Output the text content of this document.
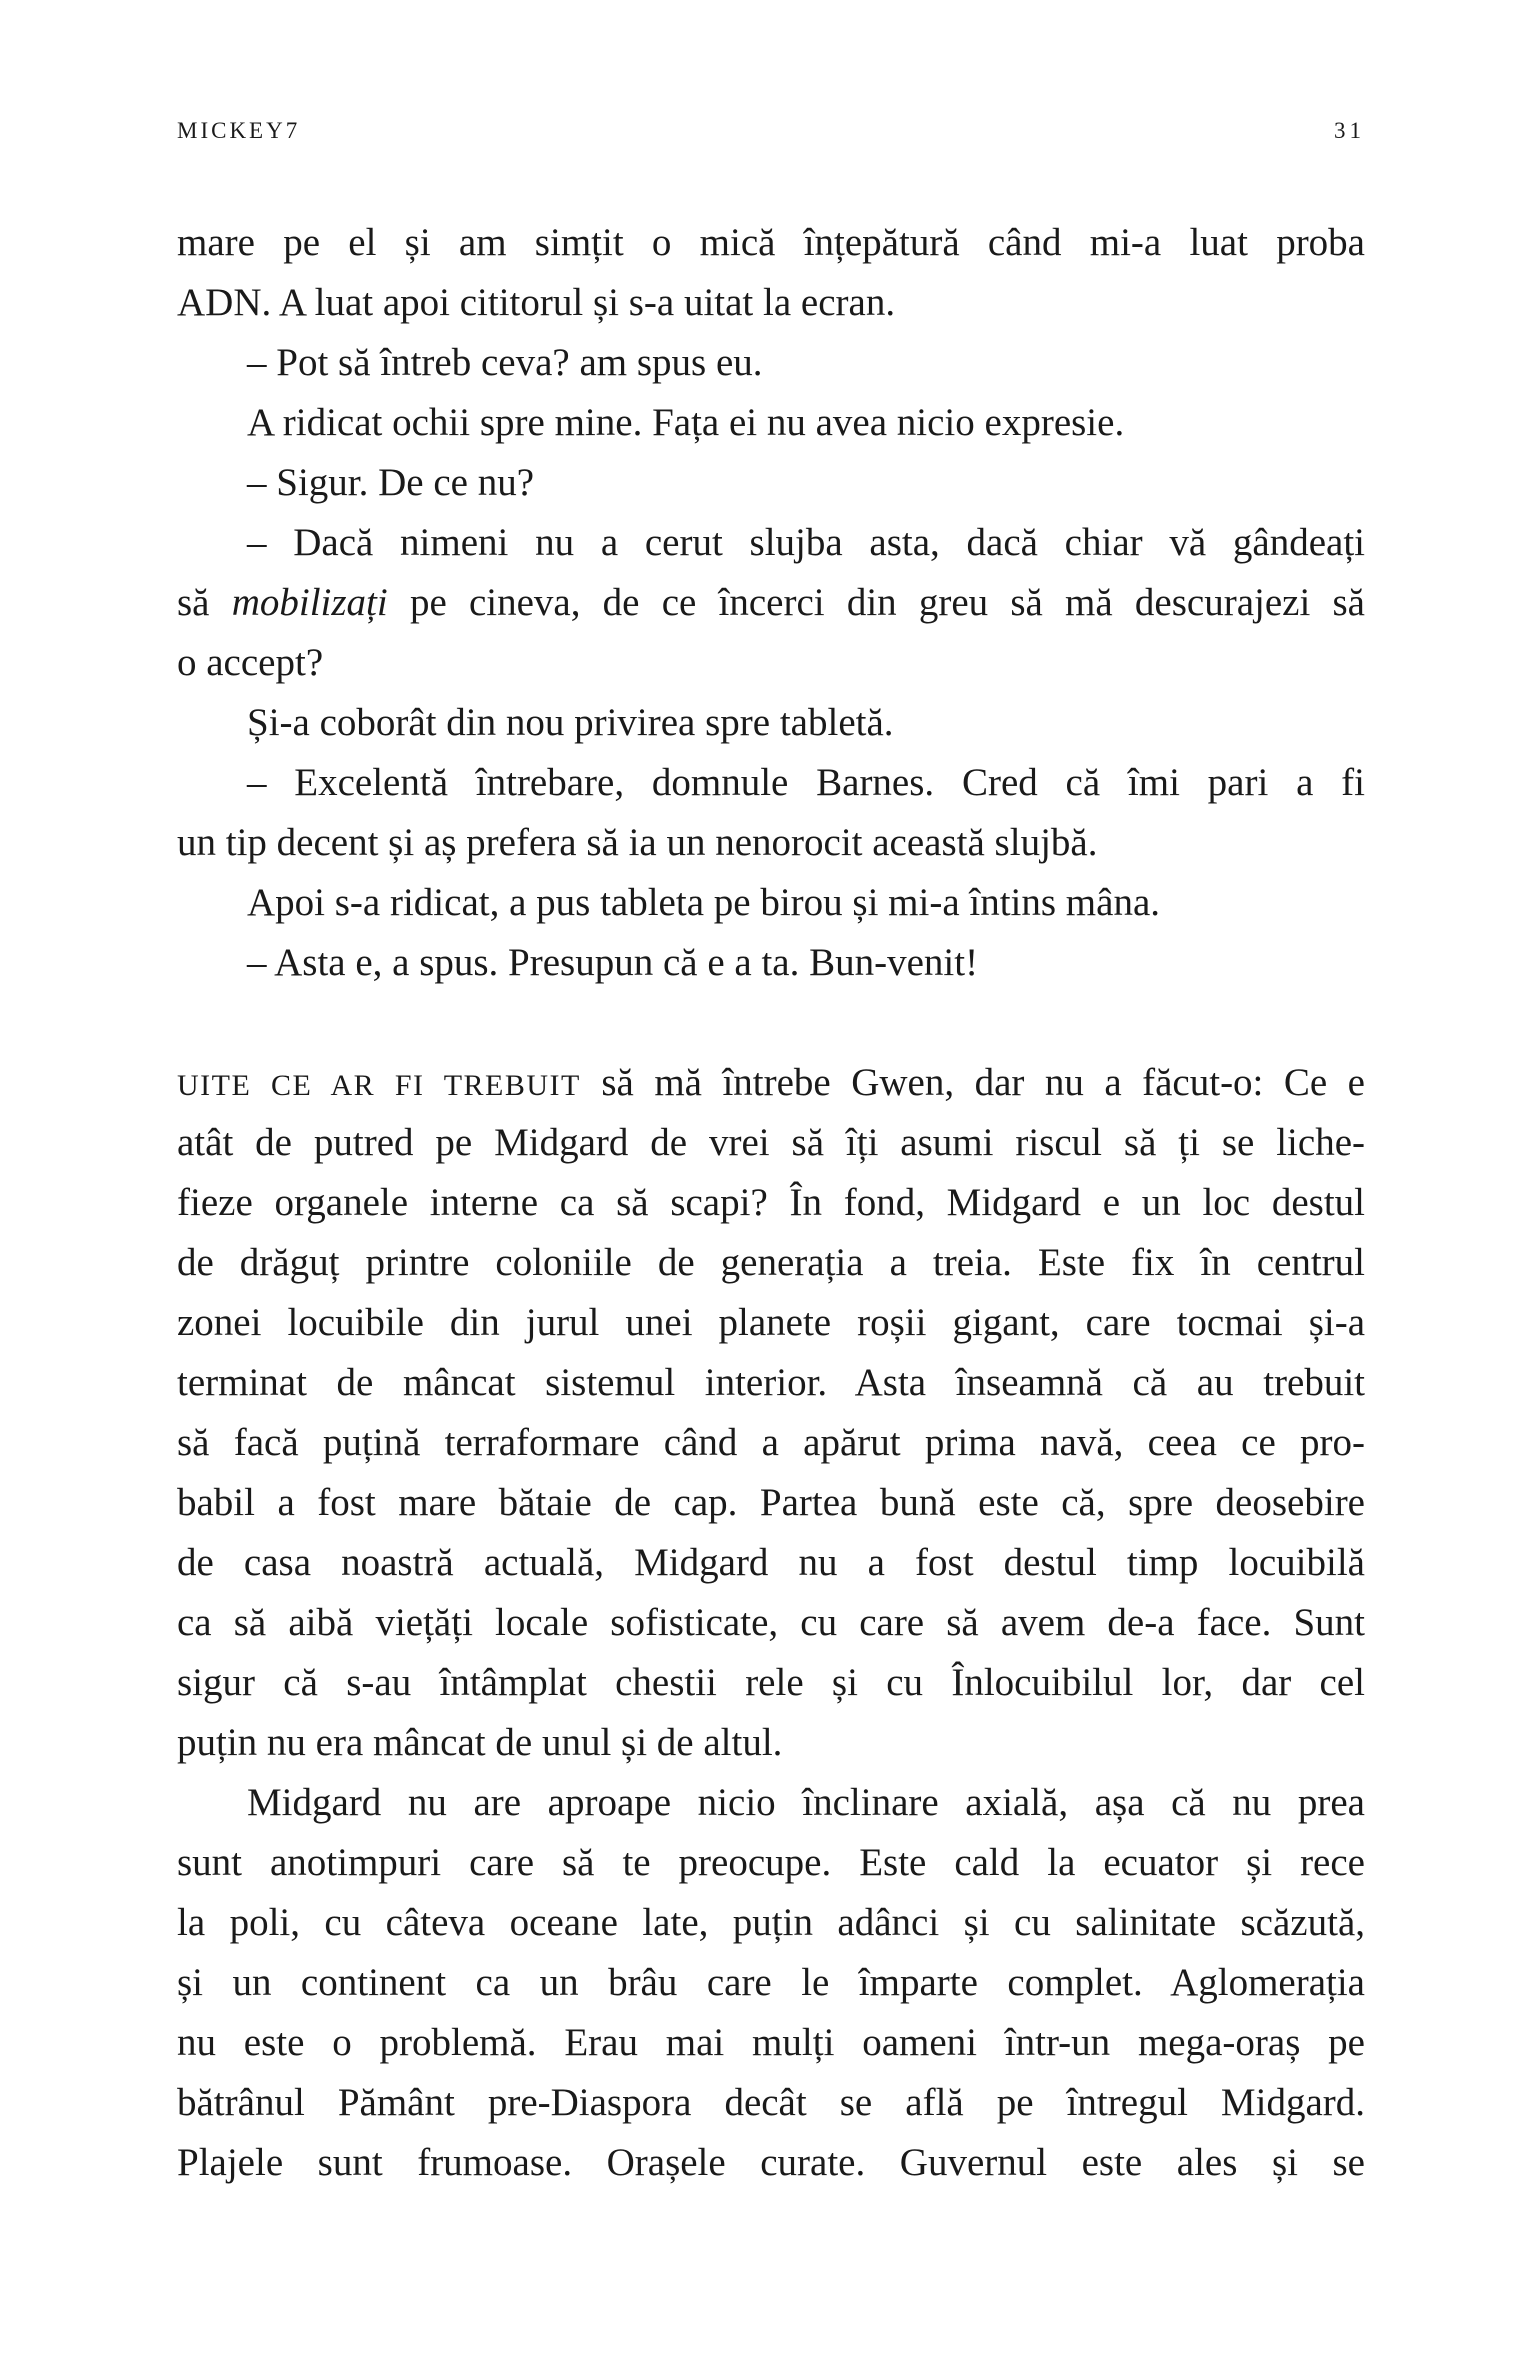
MICKEY7	31
mare pe el și am simțit o mică înțepătură când mi-a luat proba
ADN. A luat apoi cititorul și s-a uitat la ecran.
– Pot să întreb ceva? am spus eu.
A ridicat ochii spre mine. Fața ei nu avea nicio expresie.
– Sigur. De ce nu?
– Dacă nimeni nu a cerut slujba asta, dacă chiar vă gândeați
să mobilizați pe cineva, de ce încerci din greu să mă descurajezi să
o accept?
Și-a coborât din nou privirea spre tabletă.
– Excelentă întrebare, domnule Barnes. Cred că îmi pari a fi
un tip decent și aș prefera să ia un nenorocit această slujbă.
Apoi s-a ridicat, a pus tableta pe birou și mi-a întins mâna.
– Asta e, a spus. Presupun că e a ta. Bun-venit!
UITE CE AR FI TREBUIT să mă întrebe Gwen, dar nu a făcut-o: Ce e
atât de putred pe Midgard de vrei să îți asumi riscul să ți se liche-
fieze organele interne ca să scapi? În fond, Midgard e un loc destul
de drăguț printre coloniile de generația a treia. Este fix în centrul
zonei locuibile din jurul unei planete roșii gigant, care tocmai și-a
terminat de mâncat sistemul interior. Asta înseamnă că au trebuit
să facă puțină terraformare când a apărut prima navă, ceea ce pro-
babil a fost mare bătaie de cap. Partea bună este că, spre deosebire
de casa noastră actuală, Midgard nu a fost destul timp locuibilă
ca să aibă viețăți locale sofisticate, cu care să avem de-a face. Sunt
sigur că s-au întâmplat chestii rele și cu Înlocuibilul lor, dar cel
puțin nu era mâncat de unul și de altul.
Midgard nu are aproape nicio înclinare axială, așa că nu prea
sunt anotimpuri care să te preocupe. Este cald la ecuator și rece
la poli, cu câteva oceane late, puțin adânci și cu salinitate scăzută,
și un continent ca un brâu care le împarte complet. Aglomerația
nu este o problemă. Erau mai mulți oameni într-un mega-oraș pe
bătrânul Pământ pre-Diaspora decât se află pe întregul Midgard.
Plajele sunt frumoase. Orașele curate. Guvernul este ales și se
